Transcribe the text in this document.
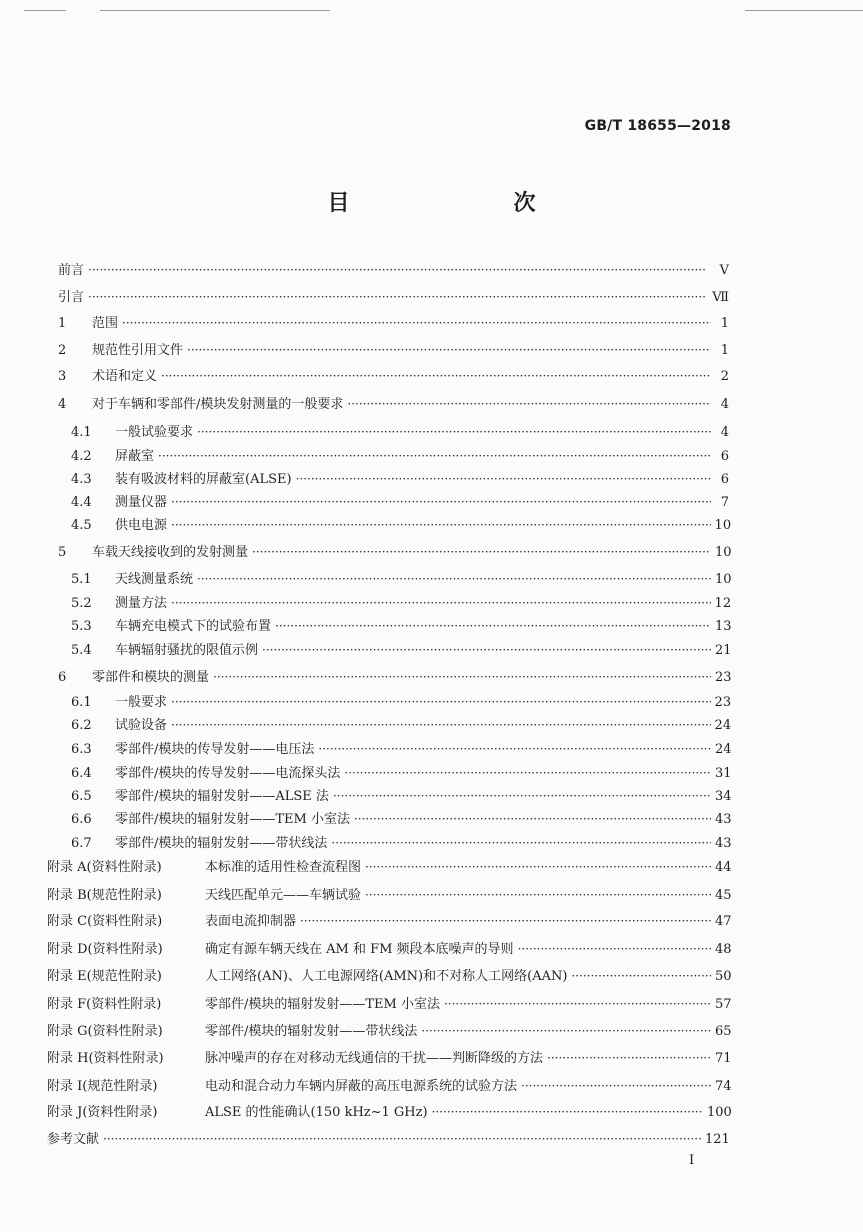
GB/T 18655—2018
目　　次
前言 ·····	Ⅴ
引言 ·····	Ⅶ
1	范围 ·····	1
2	规范性引用文件 ·····	1
3	术语和定义 ·····	2
4	对于车辆和零部件/模块发射测量的一般要求 ·····	4
4.1	一般试验要求 ·····	4
4.2	屏蔽室 ·····	6
4.3	装有吸波材料的屏蔽室(ALSE) ·····	6
4.4	测量仪器 ·····	7
4.5	供电电源 ·····	10
5	车载天线接收到的发射测量 ·····	10
5.1	天线测量系统 ·····	10
5.2	测量方法 ·····	12
5.3	车辆充电模式下的试验布置 ·····	13
5.4	车辆辐射骚扰的限值示例 ·····	21
6	零部件和模块的测量 ·····	23
6.1	一般要求 ·····	23
6.2	试验设备 ·····	24
6.3	零部件/模块的传导发射——电压法 ·····	24
6.4	零部件/模块的传导发射——电流探头法 ·····	31
6.5	零部件/模块的辐射发射——ALSE 法 ·····	34
6.6	零部件/模块的辐射发射——TEM 小室法 ·····	43
6.7	零部件/模块的辐射发射——带状线法 ·····	43
附录 A(资料性附录)	本标准的适用性检查流程图 ·····	44
附录 B(规范性附录)	天线匹配单元——车辆试验 ·····	45
附录 C(资料性附录)	表面电流抑制器 ·····	47
附录 D(资料性附录)	确定有源车辆天线在 AM 和 FM 频段本底噪声的导则 ·····	48
附录 E(规范性附录)	人工网络(AN)、人工电源网络(AMN)和不对称人工网络(AAN) ·····	50
附录 F(资料性附录)	零部件/模块的辐射发射——TEM 小室法 ·····	57
附录 G(资料性附录)	零部件/模块的辐射发射——带状线法 ·····	65
附录 H(资料性附录)	脉冲噪声的存在对移动无线通信的干扰——判断降级的方法 ·····	71
附录 I(规范性附录)	电动和混合动力车辆内屏蔽的高压电源系统的试验方法 ·····	74
附录 J(资料性附录)	ALSE 的性能确认(150 kHz~1 GHz) ·····	100
参考文献 ·····	121
Ⅰ
